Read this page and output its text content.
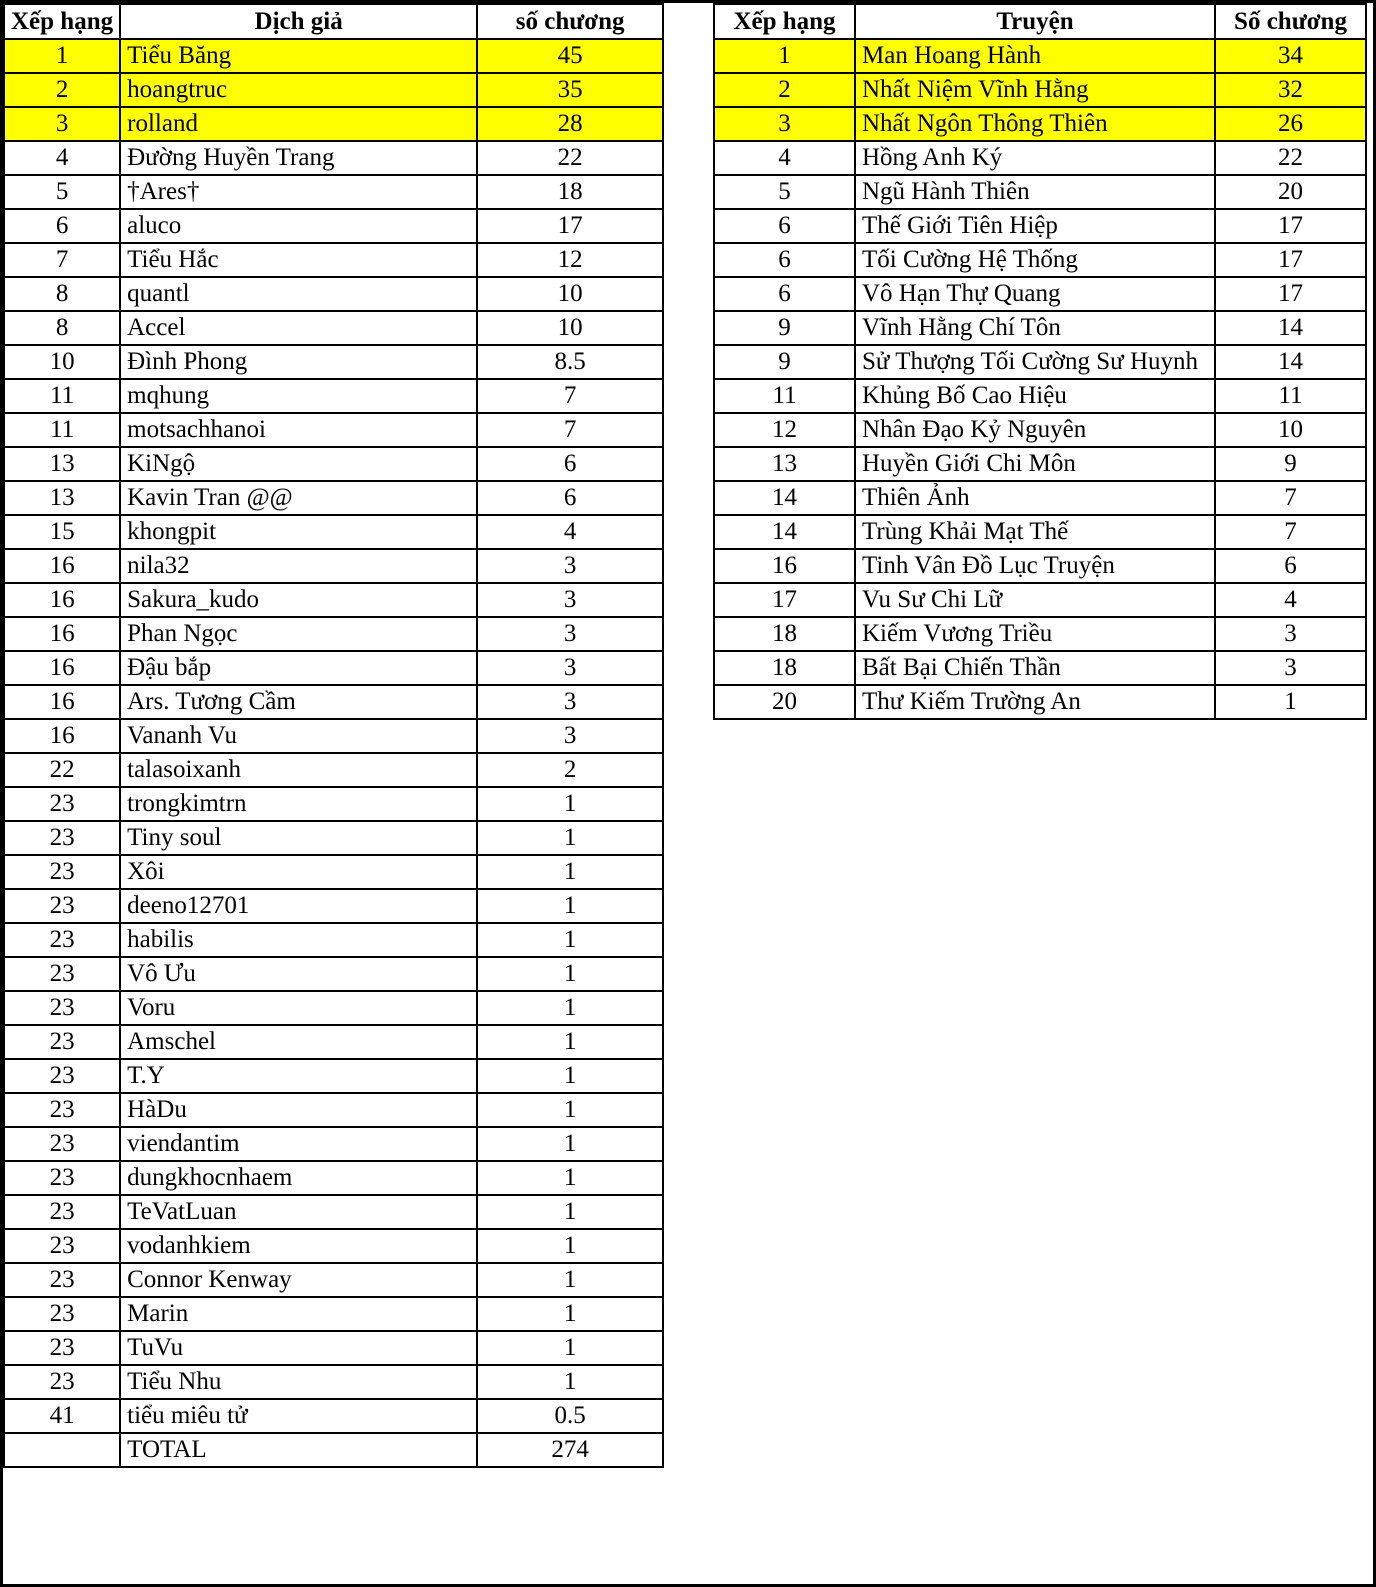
Xếp hạng	Dịch giả	số chương
1	Tiểu Băng	45
2	hoangtruc	35
3	rolland	28
4	Đường Huyền Trang	22
5	†Ares†	18
6	aluco	17
7	Tiểu Hắc	12
8	quantl	10
8	Accel	10
10	Đình Phong	8.5
11	mqhung	7
11	motsachhanoi	7
13	KiNgộ	6
13	Kavin Tran @@	6
15	khongpit	4
16	nila32	3
16	Sakura_kudo	3
16	Phan Ngọc	3
16	Đậu bắp	3
16	Ars. Tương Cầm	3
16	Vananh Vu	3
22	talasoixanh	2
23	trongkimtrn	1
23	Tiny soul	1
23	Xôi	1
23	deeno12701	1
23	habilis	1
23	Vô Ưu	1
23	Voru	1
23	Amschel	1
23	T.Y	1
23	HàDu	1
23	viendantim	1
23	dungkhocnhaem	1
23	TeVatLuan	1
23	vodanhkiem	1
23	Connor Kenway	1
23	Marin	1
23	TuVu	1
23	Tiểu Nhu	1
41	tiểu miêu tử	0.5
	TOTAL	274
Xếp hạng	Truyện	Số chương
1	Man Hoang Hành	34
2	Nhất Niệm Vĩnh Hằng	32
3	Nhất Ngôn Thông Thiên	26
4	Hồng Anh Ký	22
5	Ngũ Hành Thiên	20
6	Thế Giới Tiên Hiệp	17
6	Tối Cường Hệ Thống	17
6	Vô Hạn Thự Quang	17
9	Vĩnh Hằng Chí Tôn	14
9	Sử Thượng Tối Cường Sư Huynh	14
11	Khủng Bố Cao Hiệu	11
12	Nhân Đạo Kỷ Nguyên	10
13	Huyền Giới Chi Môn	9
14	Thiên Ảnh	7
14	Trùng Khải Mạt Thế	7
16	Tinh Vân Đồ Lục Truyện	6
17	Vu Sư Chi Lữ	4
18	Kiếm Vương Triều	3
18	Bất Bại Chiến Thần	3
20	Thư Kiếm Trường An	1
